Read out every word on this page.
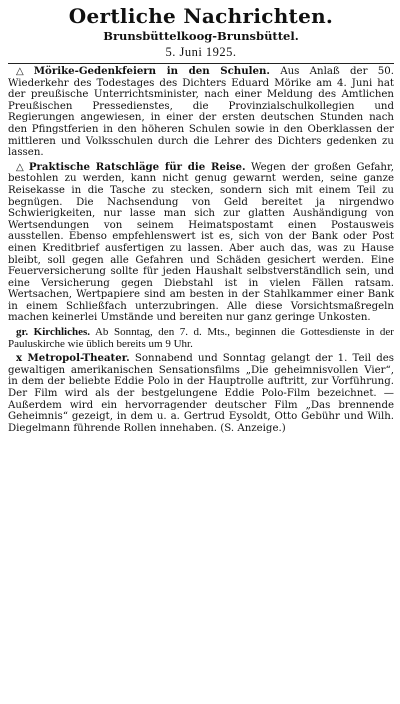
Oertliche Nachrichten.
Brunsbüttelkoog-Brunsbüttel.
5. Juni 1925.

△ Mörike-Gedenkfeiern in den Schulen. Aus Anlaß der 50. Wiederkehr des Todestages des Dichters Eduard Mörike am 4. Juni hat der preußische Unterrichtsminister, nach einer Meldung des Amtlichen Preußischen Pressedienstes, die Provinzialschulkollegien und Regierungen angewiesen, in einer der ersten deutschen Stunden nach den Pfingstferien in den höheren Schulen sowie in den Oberklassen der mittleren und Volksschulen durch die Lehrer des Dichters gedenken zu lassen.

△ Praktische Ratschläge für die Reise. Wegen der großen Gefahr, bestohlen zu werden, kann nicht genug gewarnt werden, seine ganze Reisekasse in die Tasche zu stecken, sondern sich mit einem Teil zu begnügen. Die Nachsendung von Geld bereitet ja nirgendwo Schwierigkeiten, nur lasse man sich zur glatten Aushändigung von Wertsendungen von seinem Heimatspostamt einen Postausweis ausstellen. Ebenso empfehlenswert ist es, sich von der Bank oder Post einen Kreditbrief ausfertigen zu lassen. Aber auch das, was zu Hause bleibt, soll gegen alle Gefahren und Schäden gesichert werden. Eine Feuerversicherung sollte für jeden Haushalt selbstverständlich sein, und eine Versicherung gegen Diebstahl ist in vielen Fällen ratsam. Wertsachen, Wertpapiere sind am besten in der Stahlkammer einer Bank in einem Schließfach unterzubringen. Alle diese Vorsichtsmaßregeln machen keinerlei Umstände und bereiten nur ganz geringe Unkosten.

gr. Kirchliches. Ab Sonntag, den 7. d. Mts., beginnen die Gottesdienste in der Pauluskirche wie üblich bereits um 9 Uhr.

x Metropol-Theater. Sonnabend und Sonntag gelangt der 1. Teil des gewaltigen amerikanischen Sensationsfilms „Die geheimnisvollen Vier“, in dem der beliebte Eddie Polo in der Hauptrolle auftritt, zur Vorführung. Der Film wird als der bestgelungene Eddie Polo-Film bezeichnet. — Außerdem wird ein hervorragender deutscher Film „Das brennende Geheimnis“ gezeigt, in dem u. a. Gertrud Eysoldt, Otto Gebühr und Wilh. Diegelmann führende Rollen innehaben. (S. Anzeige.)
